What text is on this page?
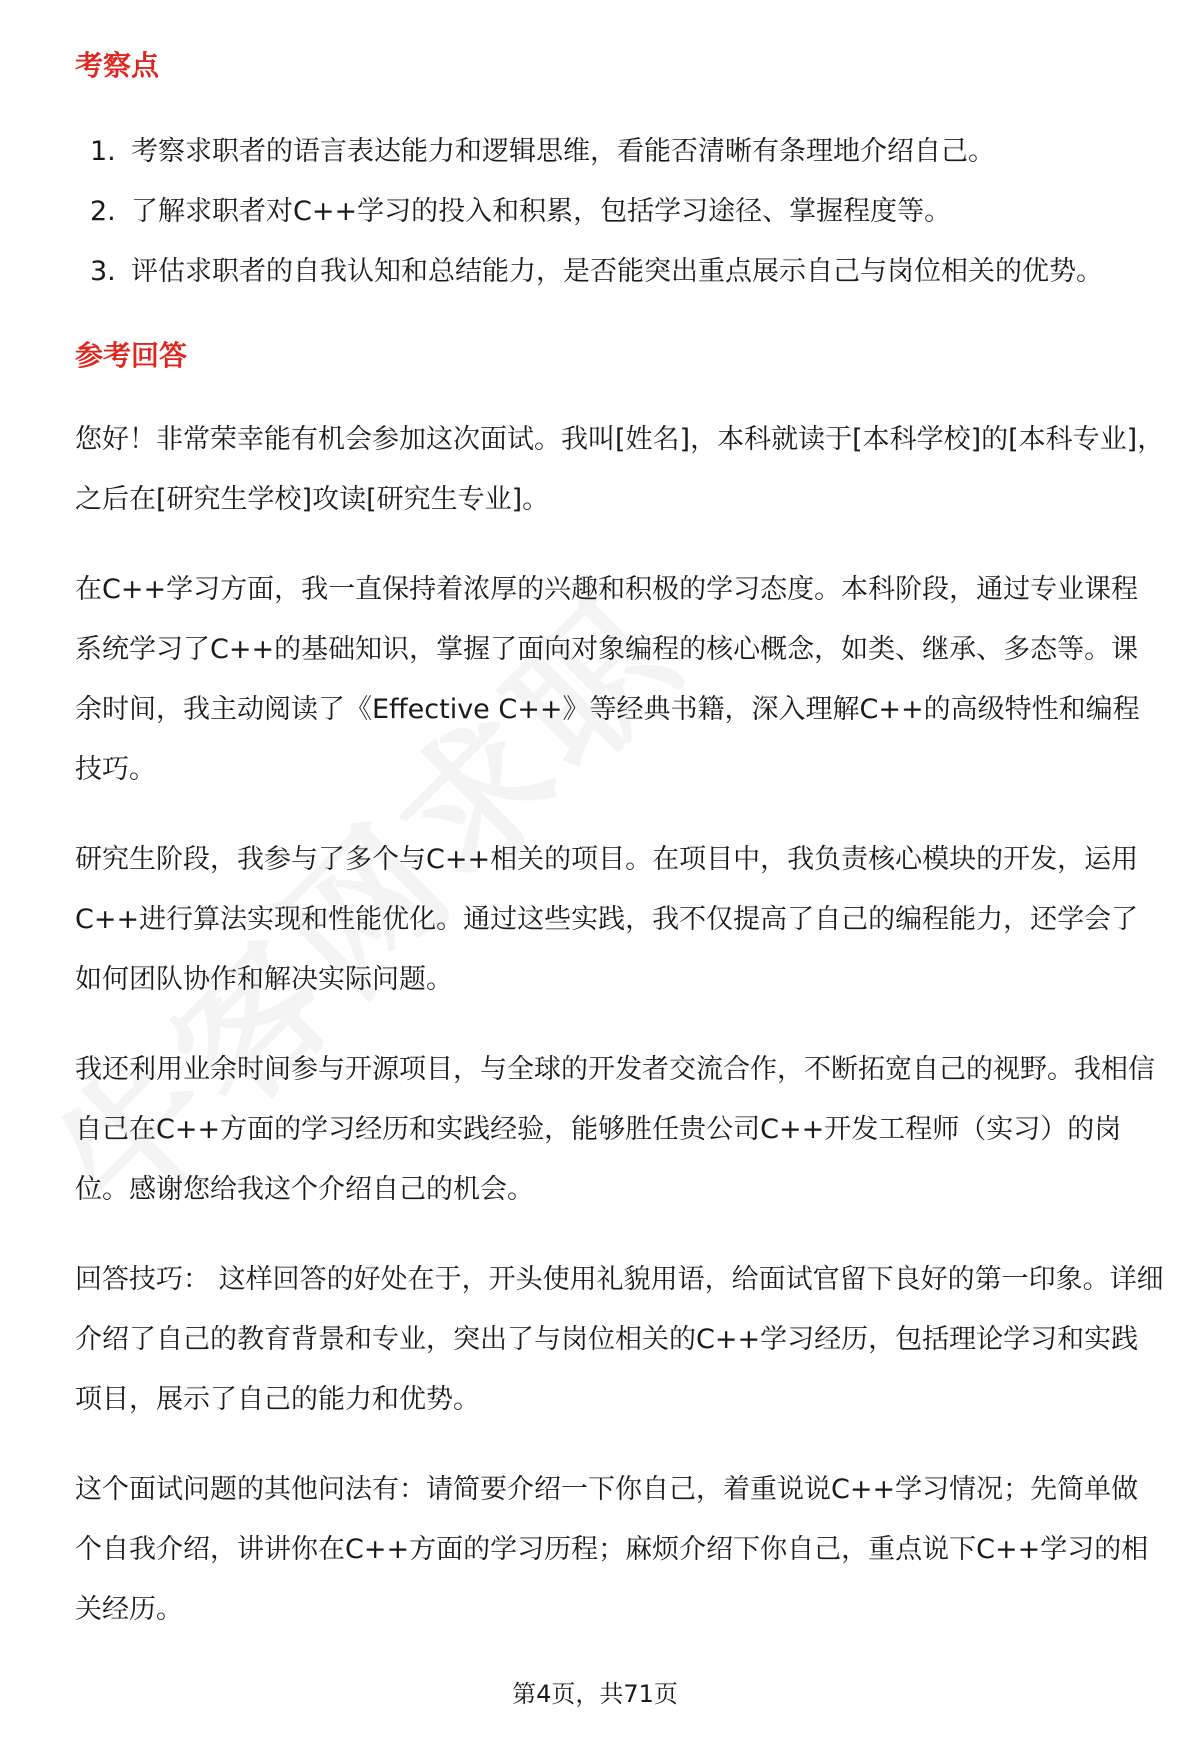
考察点
1. 考察求职者的语言表达能力和逻辑思维，看能否清晰有条理地介绍自己。
2. 了解求职者对C++学习的投入和积累，包括学习途径、掌握程度等。
3. 评估求职者的自我认知和总结能力，是否能突出重点展示自己与岗位相关的优势。
参考回答

您好！非常荣幸能有机会参加这次面试。我叫[姓名]，本科就读于[本科学校]的[本科专业]，之后在[研究生学校]攻读[研究生专业]。

在C++学习方面，我一直保持着浓厚的兴趣和积极的学习态度。本科阶段，通过专业课程系统学习了C++的基础知识，掌握了面向对象编程的核心概念，如类、继承、多态等。课余时间，我主动阅读了《Effective C++》等经典书籍，深入理解C++的高级特性和编程技巧。

研究生阶段，我参与了多个与C++相关的项目。在项目中，我负责核心模块的开发，运用C++进行算法实现和性能优化。通过这些实践，我不仅提高了自己的编程能力，还学会了如何团队协作和解决实际问题。

我还利用业余时间参与开源项目，与全球的开发者交流合作，不断拓宽自己的视野。我相信自己在C++方面的学习经历和实践经验，能够胜任贵公司C++开发工程师（实习）的岗位。感谢您给我这个介绍自己的机会。

回答技巧： 这样回答的好处在于，开头使用礼貌用语，给面试官留下良好的第一印象。详细介绍了自己的教育背景和专业，突出了与岗位相关的C++学习经历，包括理论学习和实践项目，展示了自己的能力和优势。

这个面试问题的其他问法有：请简要介绍一下你自己，着重说说C++学习情况；先简单做个自我介绍，讲讲你在C++方面的学习历程；麻烦介绍下你自己，重点说下C++学习的相关经历。

第4页，共71页
